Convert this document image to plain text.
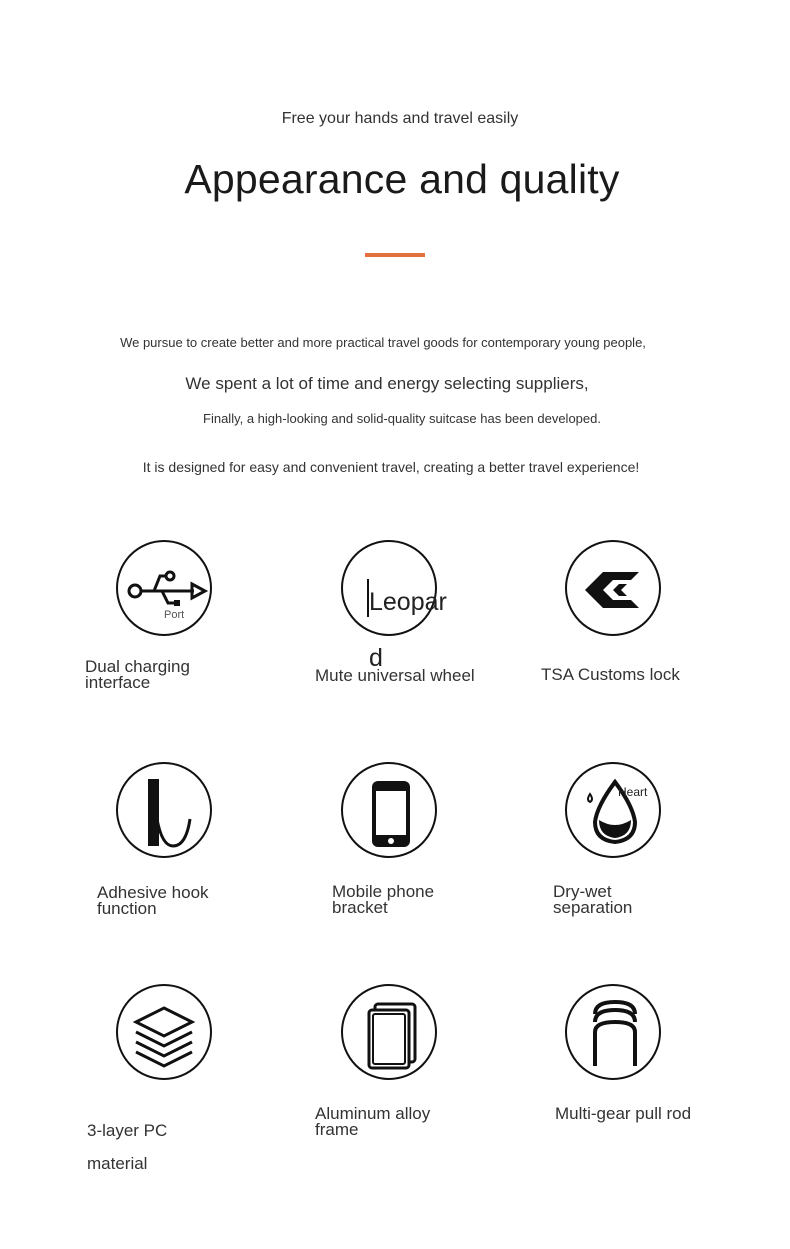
Free your hands and travel easily
Appearance and quality
We pursue to create better and more practical travel goods for contemporary young people,
We spent a lot of time and energy selecting suppliers,
Finally, a high-looking and solid-quality suitcase has been developed.
It is designed for easy and convenient travel, creating a better travel experience!
Port
Dual charging interface
Leopard
Mute universal wheel	TSA Customs lock
Adhesive hook function
Mobile phone bracket
Heart
Dry-wet separation
3-layer PC material
Aluminum alloy frame
Multi-gear pull rod
